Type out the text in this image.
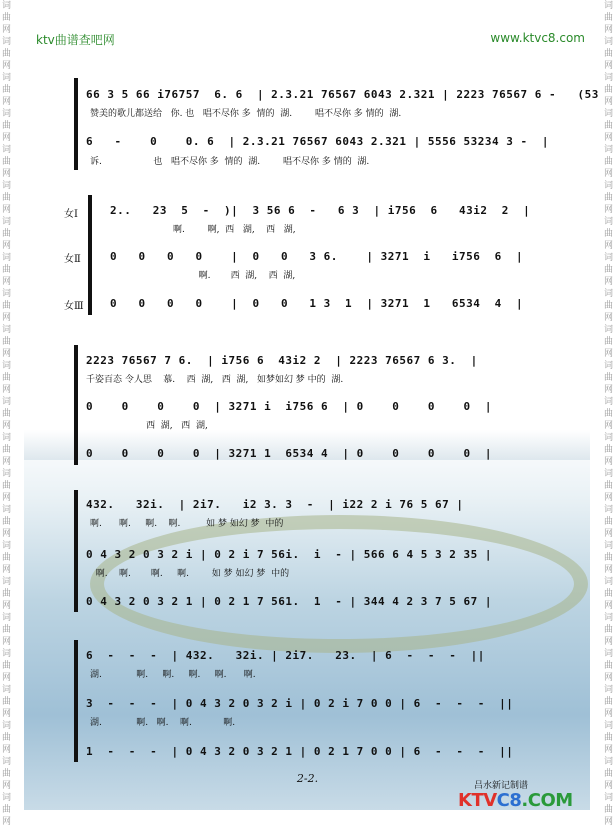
词
曲
网
词
曲
网
词
曲
网
词
曲
网
词
曲
网
词
曲
网
词
曲
网
词
曲
网
词
曲
网
词
曲
网
词
曲
网
词
曲
网
词
曲
网
词
曲
网
词
曲
网
词
曲
网
词
曲
网
词
曲
网
词
曲
网
词
曲
网
词
曲
网
词
曲
网
词
曲
网
词
曲
网
词
曲
网
词
曲
网
词
曲
网
词
曲
网
词
曲
网
词
曲
网
词
曲
网
词
曲
网
词
曲
网
词
曲
网
词
曲
网
词
曲
网
词
曲
网
词
曲
网
词
曲
网
词
曲
网
词
曲
网
词
曲
网
词
曲
网
词
曲
网
词
曲
网
词
曲
网
ktv曲谱查吧网	www.ktvc8.com
66 3 5 66 i76757  6. 6  | 2.3.21 76567 6043 2.321 | 2223 76567 6 -   (53
赞美的歌儿都送给   你. 也   唱不尽你 多  情的  湖.        唱不尽你 多 情的  湖.
6   -    0    0. 6  | 2.3.21 76567 6043 2.321 | 5556 53234 3 -  |
诉.                  也   唱不尽你 多  情的  湖.        唱不尽你 多 情的  湖.
女Ⅰ
女Ⅱ
女Ⅲ
2..   23  5  -  )|  3 56 6  -   6 3  | i756  6   43i2  2  |
啊.        啊,  西   湖,    西   湖,
0   0   0   0    |  0   0   3 6.    | 3271  i   i756  6  |
啊.       西  湖,    西  湖,
0   0   0   0    |  0   0   1 3  1  | 3271  1   6534  4  |
2223 76567 7 6.  | i756 6  43i2 2  | 2223 76567 6 3.  |
千姿百态 令人思    慕.    西  湖,   西  湖,   如梦如幻 梦 中的  湖.
0    0    0    0  | 3271 i  i756 6  | 0    0    0    0  |
西  湖,   西  湖,
0    0    0    0  | 3271 1  6534 4  | 0    0    0    0  |
432.   32i.  | 2i7.   i2 3. 3  -  | i22 2 i 76 5 67 |
啊.      啊.     啊.    啊.         如 梦 如幻 梦  中的
0 4 3 2 0 3 2 i | 0 2 i 7 56i.  i  - | 566 6 4 5 3 2 35 |
啊.    啊.       啊.     啊.        如 梦 如幻 梦  中的
0 4 3 2 0 3 2 1 | 0 2 1 7 561.  1  - | 344 4 2 3 7 5 67 |
6  -  -  -  | 432.   32i. | 2i7.   23.  | 6  -  -  -  ||
湖.            啊.     啊.     啊.     啊.      啊.
3  -  -  -  | 0 4 3 2 0 3 2 i | 0 2 i 7 0 0 | 6  -  -  -  ||
湖.            啊.   啊.    啊.           啊.
1  -  -  -  | 0 4 3 2 0 3 2 1 | 0 2 1 7 0 0 | 6  -  -  -  ||
2-2.
吕水新记制谱
KTVC8.COM
